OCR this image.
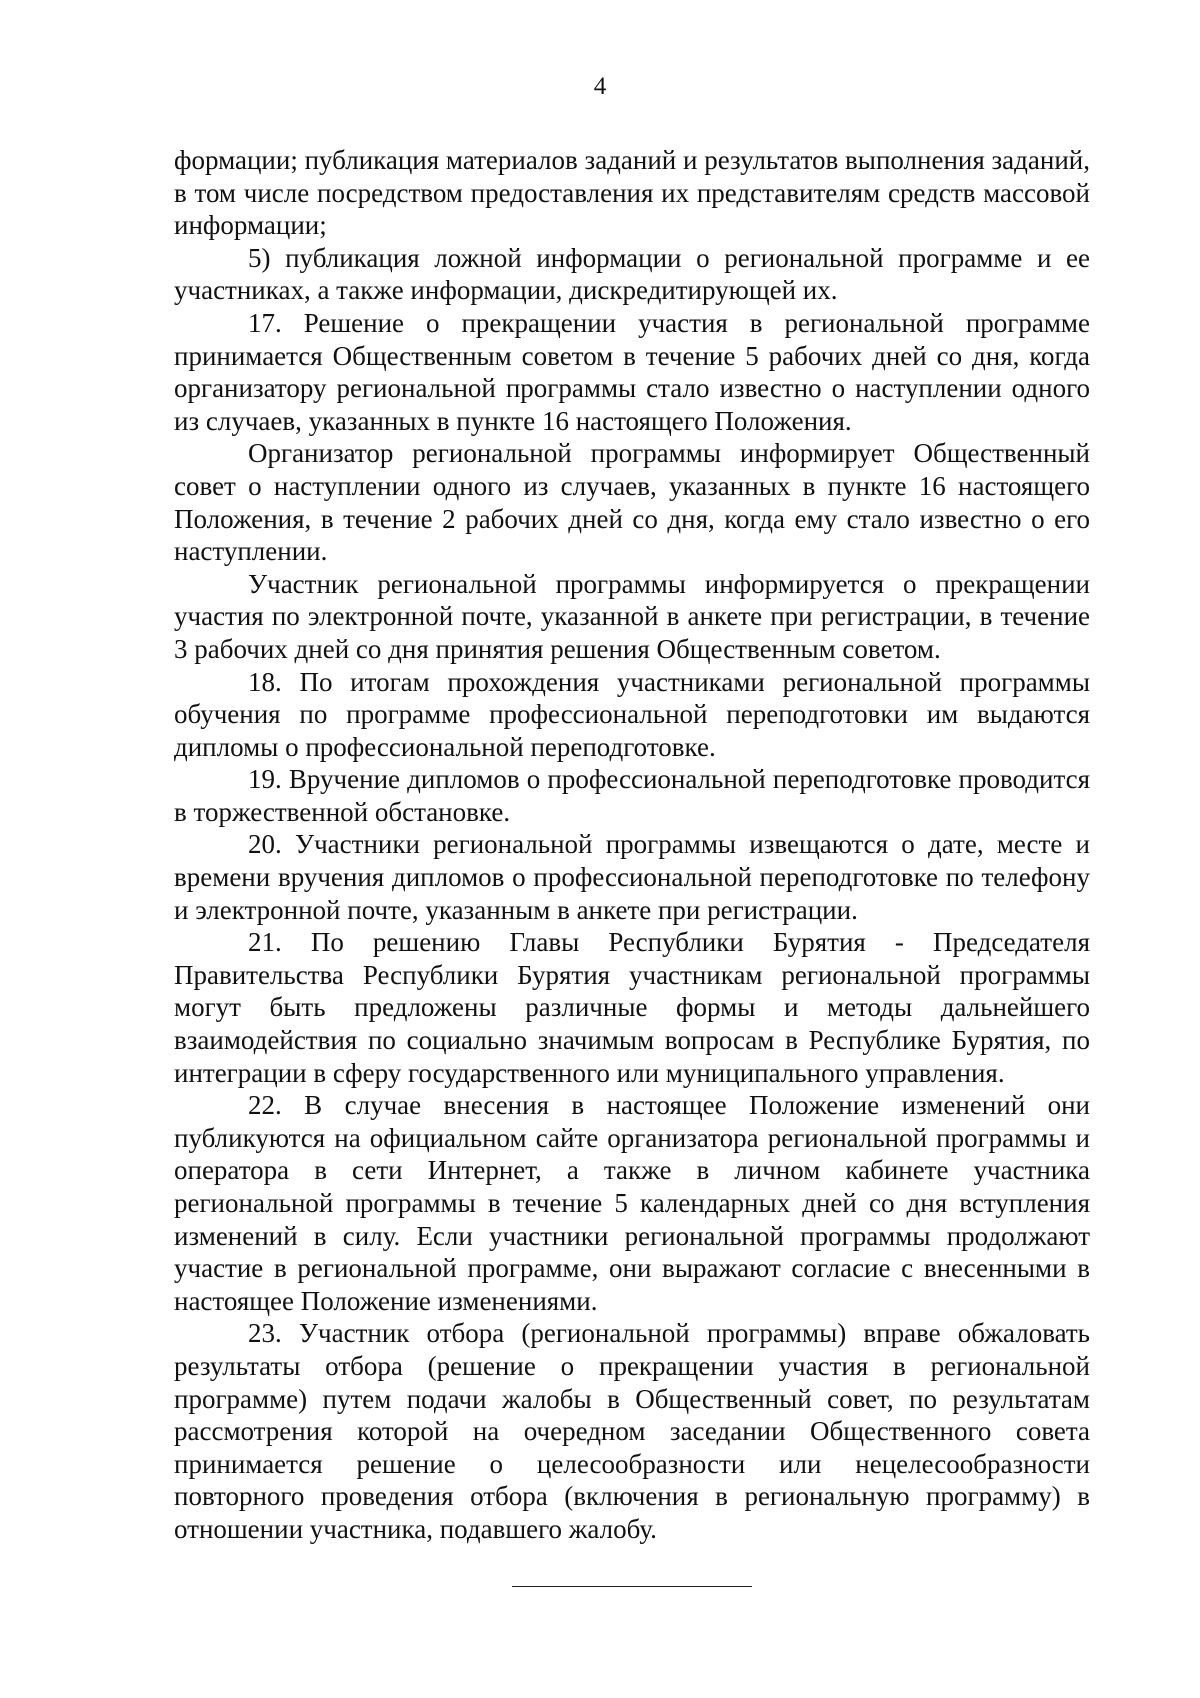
4

формации; публикация материалов заданий и результатов выполнения заданий, в том числе посредством предоставления их представителям средств массовой информации;

5) публикация ложной информации о региональной программе и ее участниках, а также информации, дискредитирующей их.

17. Решение о прекращении участия в региональной программе принимается Общественным советом в течение 5 рабочих дней со дня, когда организатору региональной программы стало известно о наступлении одного из случаев, указанных в пункте 16 настоящего Положения.

Организатор региональной программы информирует Общественный совет о наступлении одного из случаев, указанных в пункте 16 настоящего Положения, в течение 2 рабочих дней со дня, когда ему стало известно о его наступлении.

Участник региональной программы информируется о прекращении участия по электронной почте, указанной в анкете при регистрации, в течение 3 рабочих дней со дня принятия решения Общественным советом.

18. По итогам прохождения участниками региональной программы обучения по программе профессиональной переподготовки им выдаются дипломы о профессиональной переподготовке.

19. Вручение дипломов о профессиональной переподготовке проводится в торжественной обстановке.

20. Участники региональной программы извещаются о дате, месте и времени вручения дипломов о профессиональной переподготовке по телефону и электронной почте, указанным в анкете при регистрации.

21. По решению Главы Республики Бурятия - Председателя Правительства Республики Бурятия участникам региональной программы могут быть предложены различные формы и методы дальнейшего взаимодействия по социально значимым вопросам в Республике Бурятия, по интеграции в сферу государственного или муниципального управления.

22. В случае внесения в настоящее Положение изменений они публикуются на официальном сайте организатора региональной программы и оператора в сети Интернет, а также в личном кабинете участника региональной программы в течение 5 календарных дней со дня вступления изменений в силу. Если участники региональной программы продолжают участие в региональной программе, они выражают согласие с внесенными в настоящее Положение изменениями.

23. Участник отбора (региональной программы) вправе обжаловать результаты отбора (решение о прекращении участия в региональной программе) путем подачи жалобы в Общественный совет, по результатам рассмотрения которой на очередном заседании Общественного совета принимается решение о целесообразности или нецелесообразности повторного проведения отбора (включения в региональную программу) в отношении участника, подавшего жалобу.
